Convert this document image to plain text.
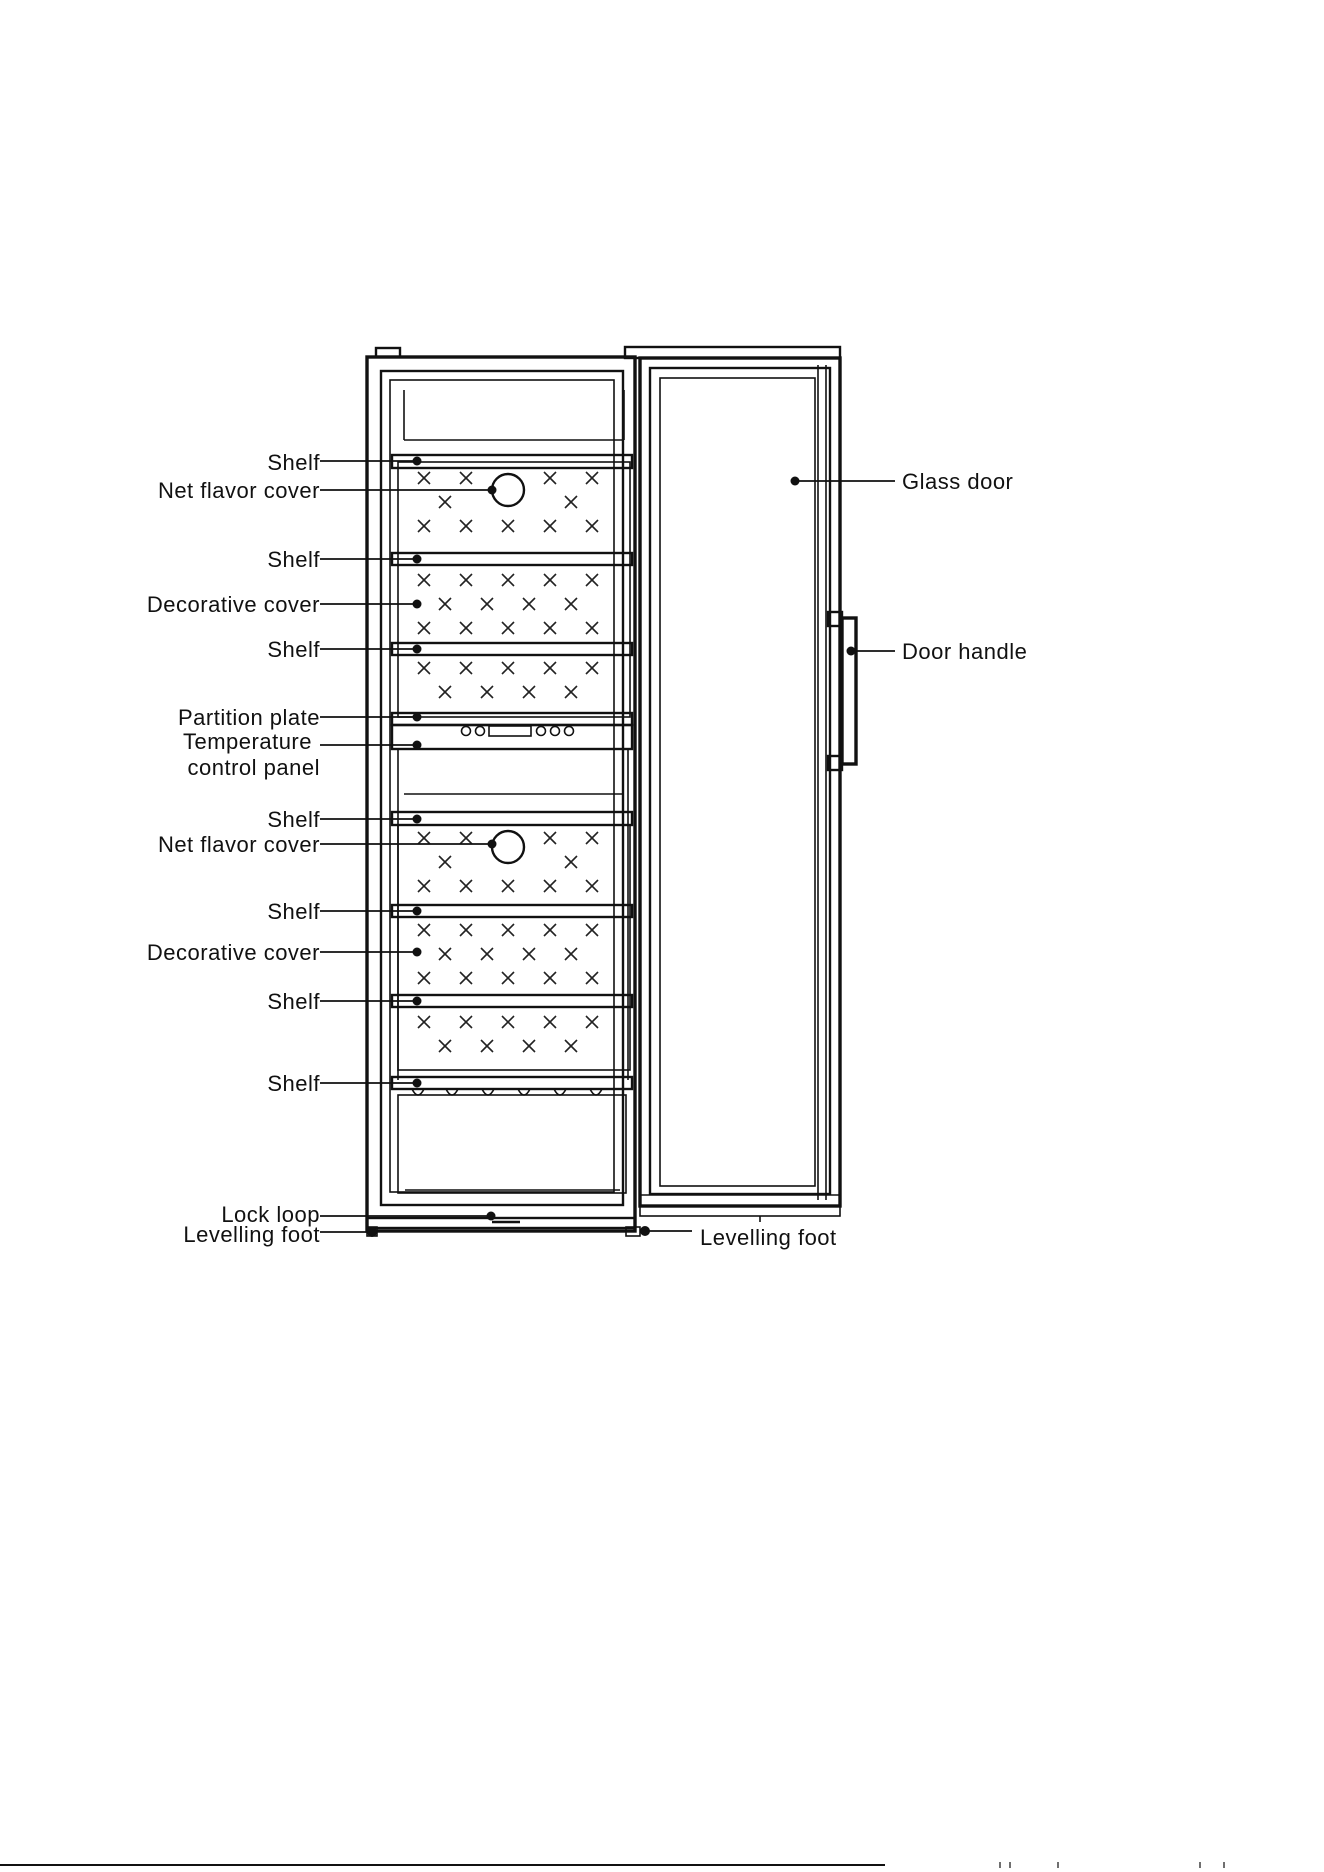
Shelf
Net flavor cover
Shelf
Decorative cover
Shelf
Partition plate
Temperature
control panel
Shelf
Net flavor cover
Shelf
Decorative cover
Shelf
Shelf
Lock loop
Levelling foot
Glass door
Door handle
Levelling foot
